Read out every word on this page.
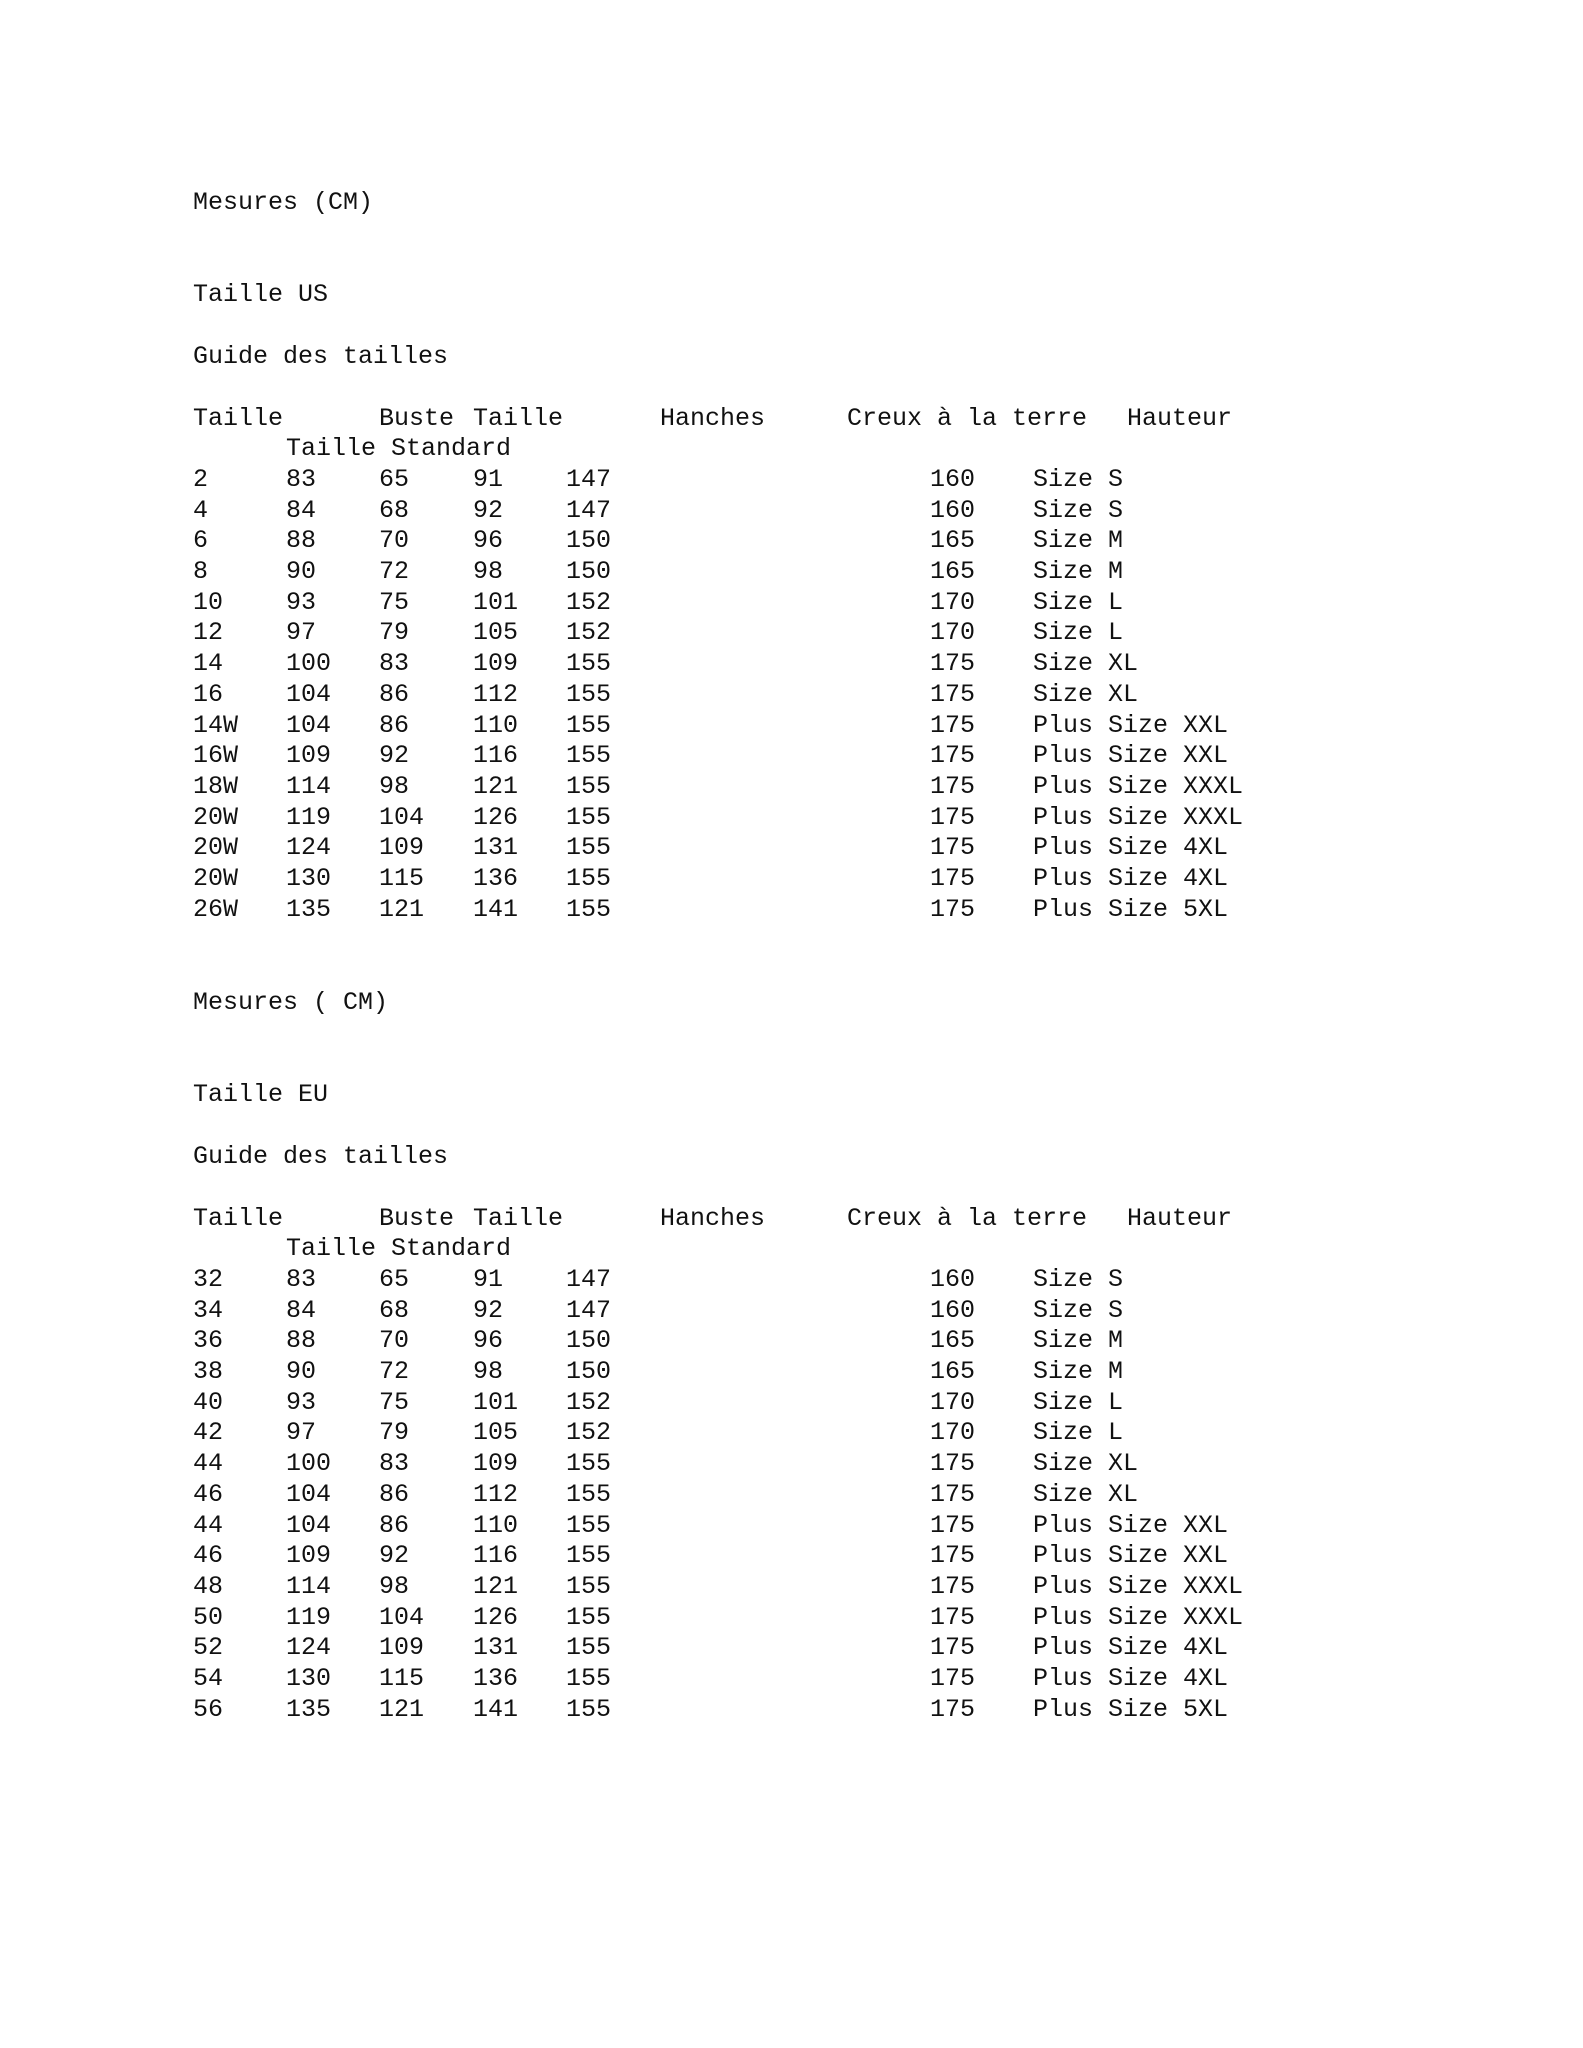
Mesures (CM)
Taille US
Guide des tailles
Taille	Buste Taille	Hanches	Creux à la terre Hauteur
Taille Standard
2	83	65	91	147	160 Size S
4	84	68	92	147	160 Size S
6	88	70	96	150	165 Size M
8	90	72	98	150	165 Size M
10	93	75	101 152	170 Size L
12	97	79	105 152	170 Size L
14	100 83	109 155	175 Size XL
16	104 86	112 155	175 Size XL
14W 104 86	110 155	175 Plus Size XXL
16W 109 92	116 155	175 Plus Size XXL
18W 114 98	121 155	175 Plus Size XXXL
20W 119 104 126 155	175 Plus Size XXXL
20W 124 109 131 155	175 Plus Size 4XL
20W 130 115 136 155	175 Plus Size 4XL
26W 135 121 141 155	175 Plus Size 5XL
Mesures ( CM)
Taille EU
Guide des tailles
Taille	Buste Taille	Hanches	Creux à la terre Hauteur
Taille Standard
32	83	65	91	147	160 Size S
34	84	68	92	147	160 Size S
36	88	70	96	150	165 Size M
38	90	72	98	150	165 Size M
40	93	75	101 152	170 Size L
42	97	79	105 152	170 Size L
44	100 83	109 155	175 Size XL
46	104 86	112 155	175 Size XL
44	104 86	110 155	175 Plus Size XXL
46	109 92	116 155	175 Plus Size XXL
48	114 98	121 155	175 Plus Size XXXL
50	119 104 126 155	175 Plus Size XXXL
52	124 109 131 155	175 Plus Size 4XL
54	130 115 136 155	175 Plus Size 4XL
56	135 121 141 155	175 Plus Size 5XL
